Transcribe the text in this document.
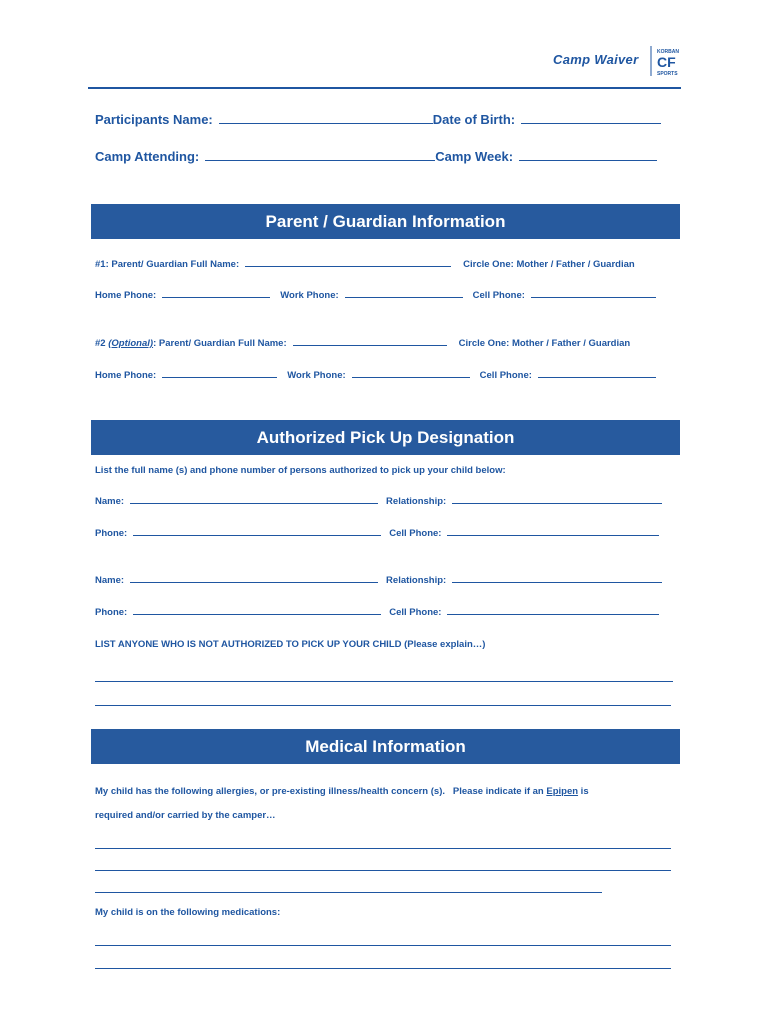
Camp Waiver	KORBAN
CF
SPORTS
Participants Name:	Date of Birth:
Camp Attending:	Camp Week:
Parent / Guardian Information
#1: Parent/ Guardian Full Name:	Circle One: Mother / Father / Guardian
Home Phone:	Work Phone:	Cell Phone:
#2 (Optional) : Parent/ Guardian Full Name:	Circle One: Mother / Father / Guardian
Home Phone:	Work Phone:	Cell Phone:
Authorized Pick Up Designation
List the full name (s) and phone number of persons authorized to pick up your child below:
Name:	Relationship:
Phone:	Cell Phone:
Name:	Relationship:
Phone:	Cell Phone:
LIST ANYONE WHO IS NOT AUTHORIZED TO PICK UP YOUR CHILD (Please explain…)
Medical Information
My child has the following allergies, or pre-existing illness/health concern (s).   Please indicate if an Epipen is
required and/or carried by the camper…
My child is on the following medications:
